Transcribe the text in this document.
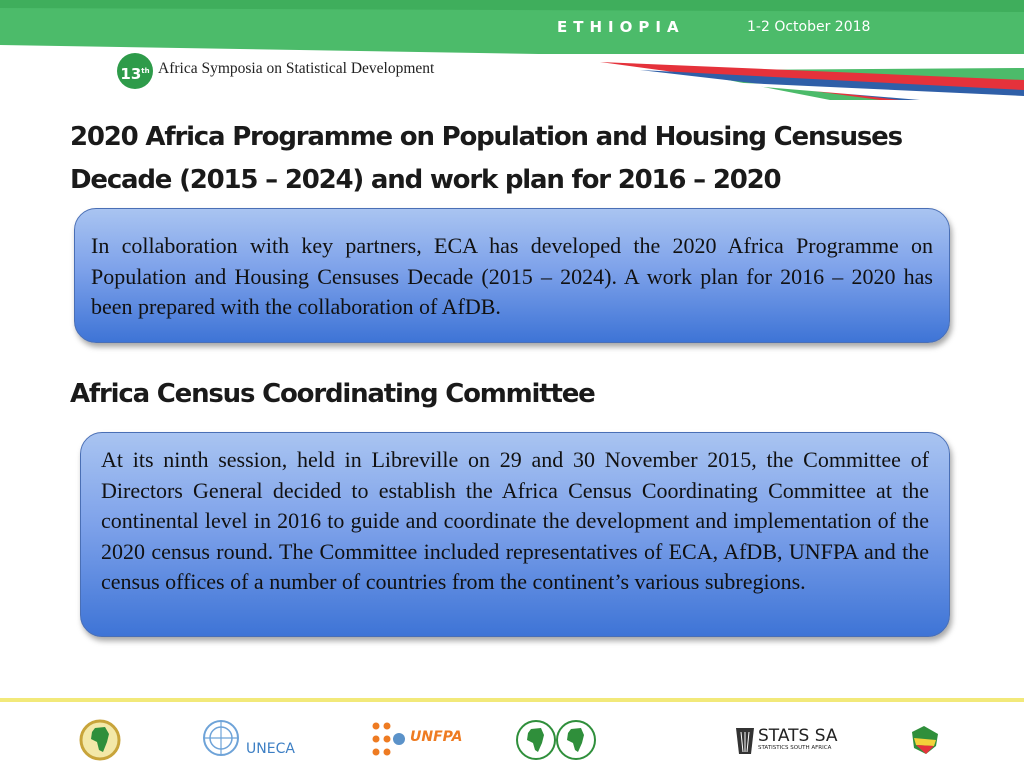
ETHIOPIA	1-2 October 2018
13th Africa Symposia on Statistical Development
2020 Africa Programme on Population and Housing Censuses
Decade (2015 – 2024) and work plan for 2016 – 2020

In collaboration with key partners, ECA has developed the 2020 Africa Programme on Population and Housing Censuses Decade (2015 – 2024). A work plan for 2016 – 2020 has been prepared with the collaboration of AfDB.

Africa Census Coordinating Committee

At its ninth session, held in Libreville on 29 and 30 November 2015, the Committee of Directors General decided to establish the Africa Census Coordinating Committee at the continental level in 2016 to guide and coordinate the development and implementation of the 2020 census round. The Committee included representatives of ECA, AfDB, UNFPA and the census offices of a number of countries from the continent’s various subregions.

UNECA
UNFPA	STATS SA
STATISTICS SOUTH AFRICA
